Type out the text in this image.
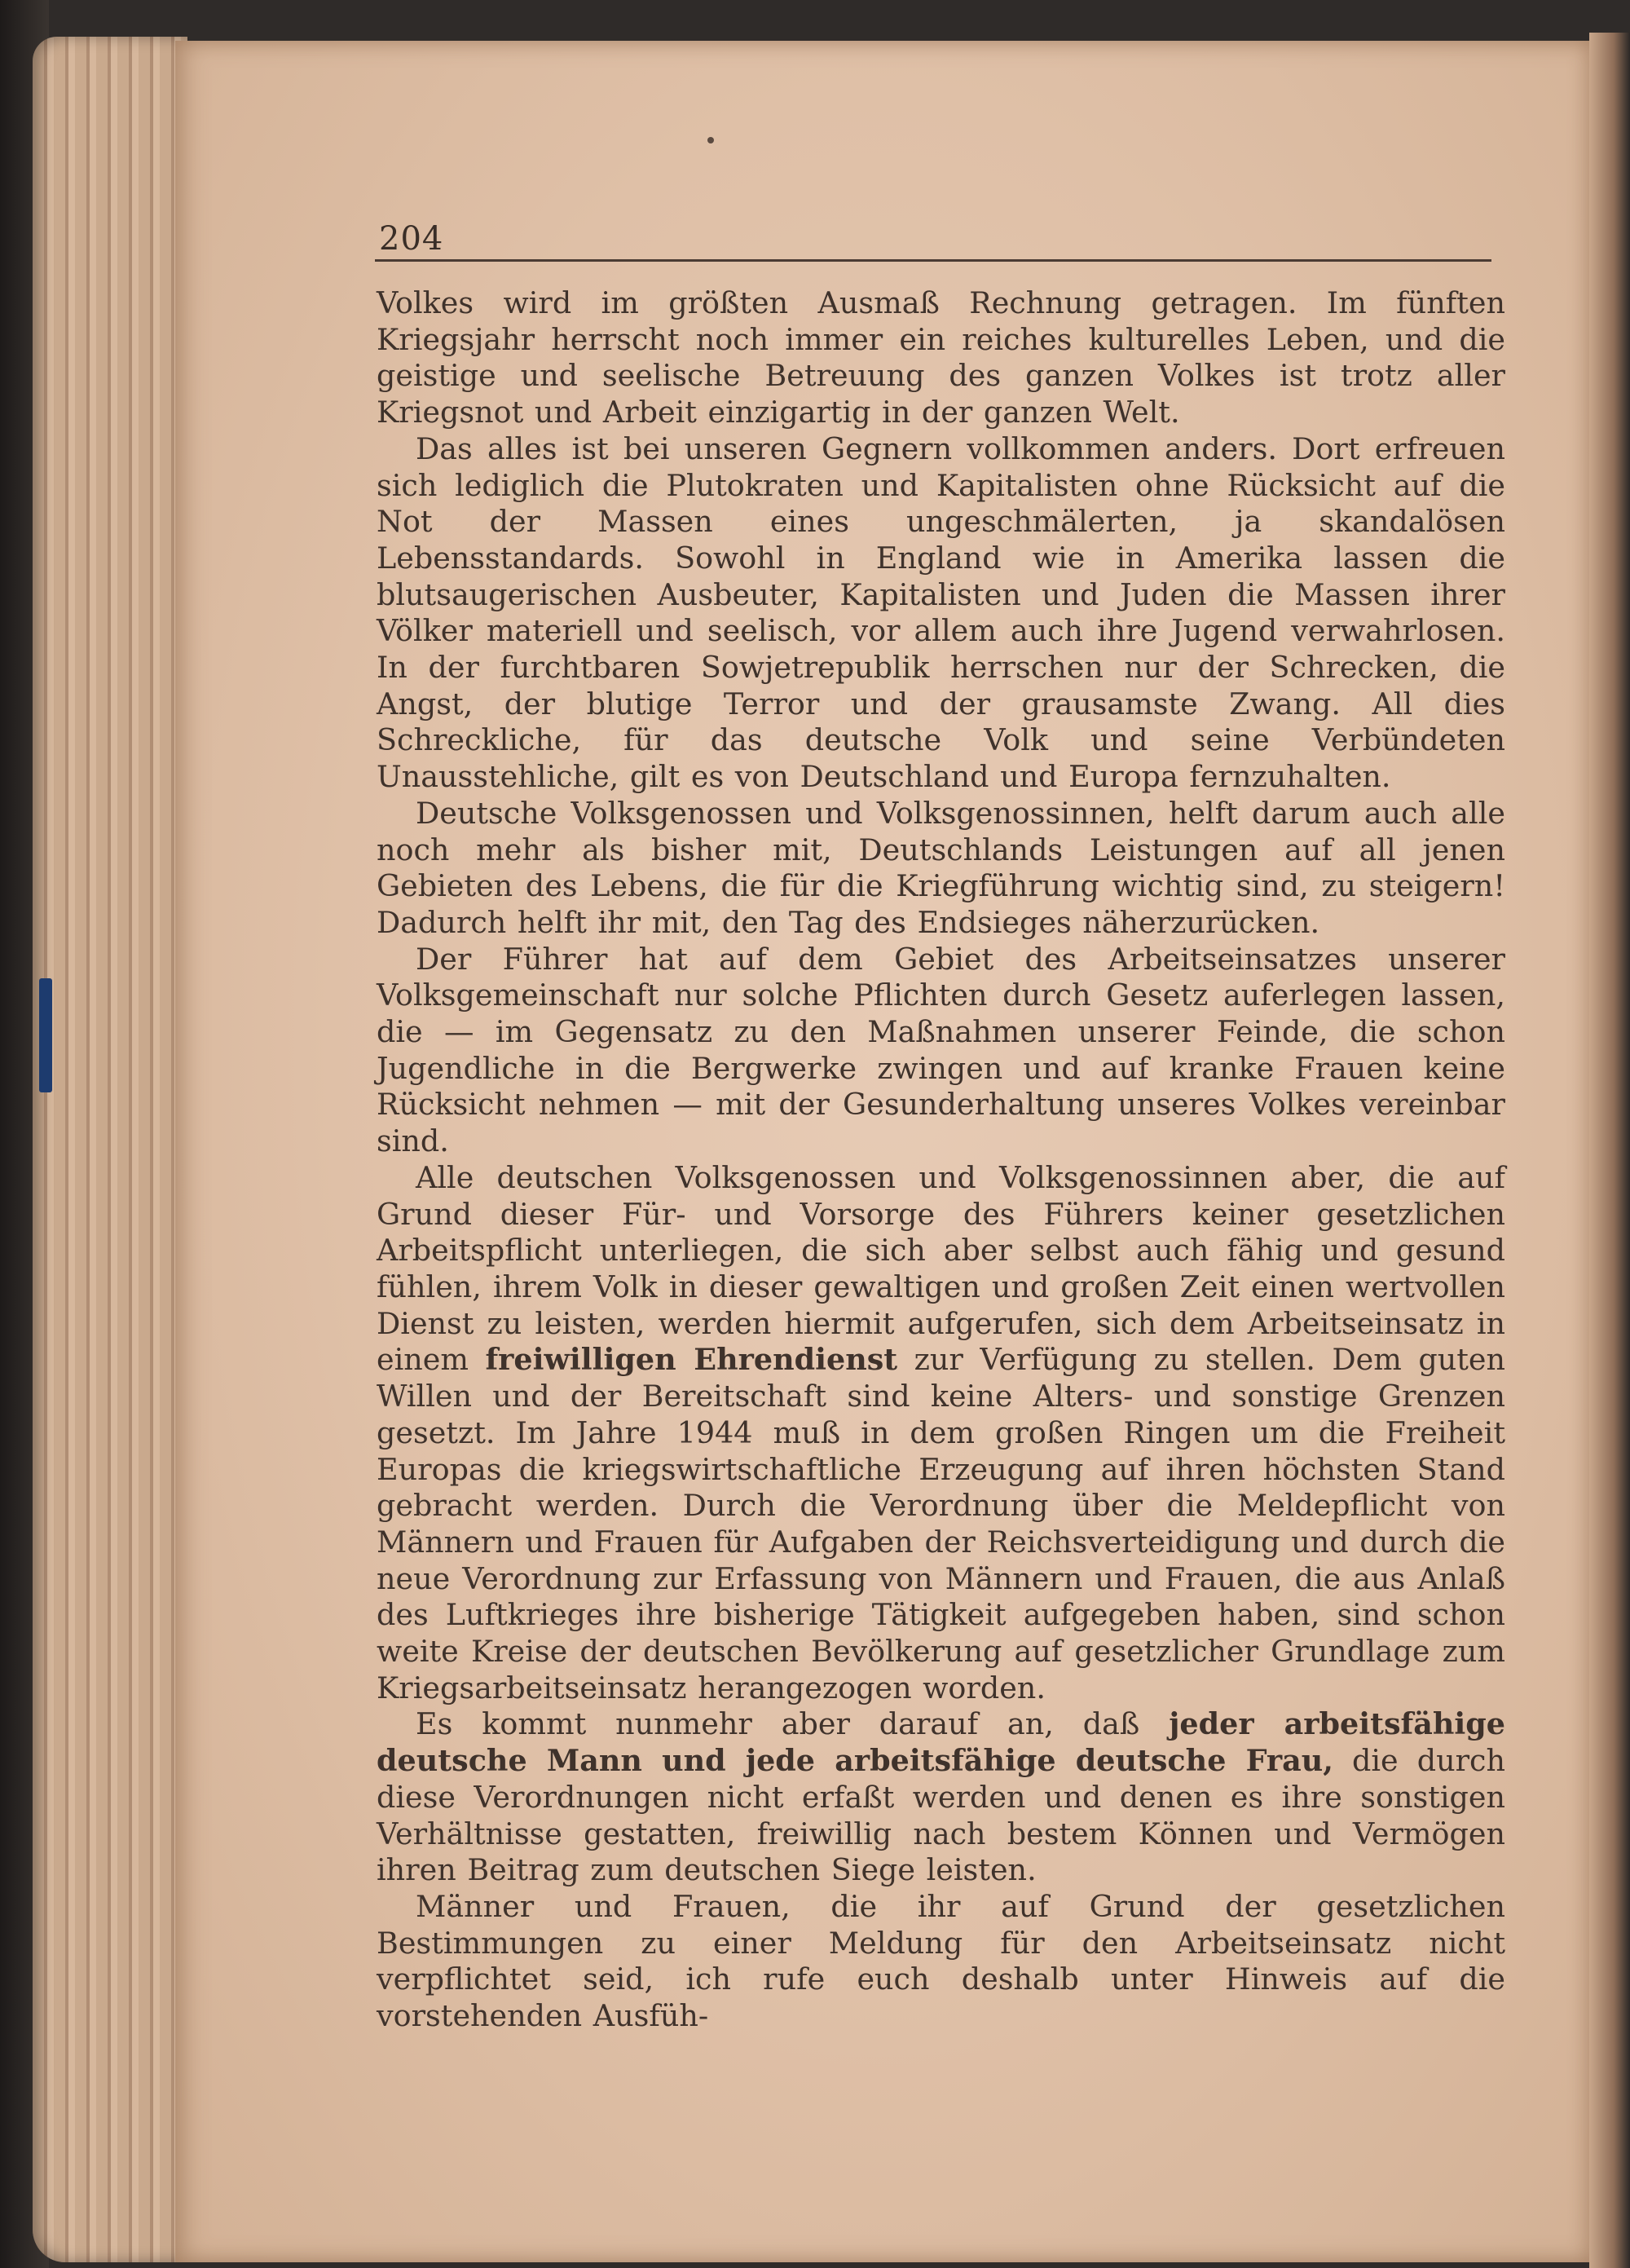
204

Volkes wird im größten Ausmaß Rechnung getragen. Im fünften Kriegsjahr herrscht noch immer ein reiches kulturelles Leben, und die geistige und seelische Betreuung des ganzen Volkes ist trotz aller Kriegsnot und Arbeit einzigartig in der ganzen Welt.

Das alles ist bei unseren Gegnern vollkommen anders. Dort erfreuen sich lediglich die Plutokraten und Kapitalisten ohne Rücksicht auf die Not der Massen eines ungeschmälerten, ja skandalösen Lebensstandards. Sowohl in England wie in Amerika lassen die blutsaugerischen Ausbeuter, Kapitalisten und Juden die Massen ihrer Völker materiell und seelisch, vor allem auch ihre Jugend verwahrlosen. In der furchtbaren Sowjetrepublik herrschen nur der Schrecken, die Angst, der blutige Terror und der grausamste Zwang. All dies Schreckliche, für das deutsche Volk und seine Verbündeten Unausstehliche, gilt es von Deutschland und Europa fernzuhalten.

Deutsche Volksgenossen und Volksgenossinnen, helft darum auch alle noch mehr als bisher mit, Deutschlands Leistungen auf all jenen Gebieten des Lebens, die für die Kriegführung wichtig sind, zu steigern! Dadurch helft ihr mit, den Tag des Endsieges näherzurücken.

Der Führer hat auf dem Gebiet des Arbeitseinsatzes unserer Volksgemeinschaft nur solche Pflichten durch Gesetz auferlegen lassen, die — im Gegensatz zu den Maßnahmen unserer Feinde, die schon Jugendliche in die Bergwerke zwingen und auf kranke Frauen keine Rücksicht nehmen — mit der Gesunderhaltung unseres Volkes vereinbar sind.

Alle deutschen Volksgenossen und Volksgenossinnen aber, die auf Grund dieser Für- und Vorsorge des Führers keiner gesetzlichen Arbeitspflicht unterliegen, die sich aber selbst auch fähig und gesund fühlen, ihrem Volk in dieser gewaltigen und großen Zeit einen wertvollen Dienst zu leisten, werden hiermit aufgerufen, sich dem Arbeitseinsatz in einem freiwilligen Ehrendienst zur Verfügung zu stellen. Dem guten Willen und der Bereitschaft sind keine Alters- und sonstige Grenzen gesetzt. Im Jahre 1944 muß in dem großen Ringen um die Freiheit Europas die kriegswirtschaftliche Erzeugung auf ihren höchsten Stand gebracht werden. Durch die Verordnung über die Meldepflicht von Männern und Frauen für Aufgaben der Reichsverteidigung und durch die neue Verordnung zur Erfassung von Männern und Frauen, die aus Anlaß des Luftkrieges ihre bisherige Tätigkeit aufgegeben haben, sind schon weite Kreise der deutschen Bevölkerung auf gesetzlicher Grundlage zum Kriegsarbeitseinsatz herangezogen worden.

Es kommt nunmehr aber darauf an, daß jeder arbeitsfähige deutsche Mann und jede arbeitsfähige deutsche Frau, die durch diese Verordnungen nicht erfaßt werden und denen es ihre sonstigen Verhältnisse gestatten, freiwillig nach bestem Können und Vermögen ihren Beitrag zum deutschen Siege leisten.

Männer und Frauen, die ihr auf Grund der gesetzlichen Bestimmungen zu einer Meldung für den Arbeitseinsatz nicht verpflichtet seid, ich rufe euch deshalb unter Hinweis auf die vorstehenden Ausfüh-
